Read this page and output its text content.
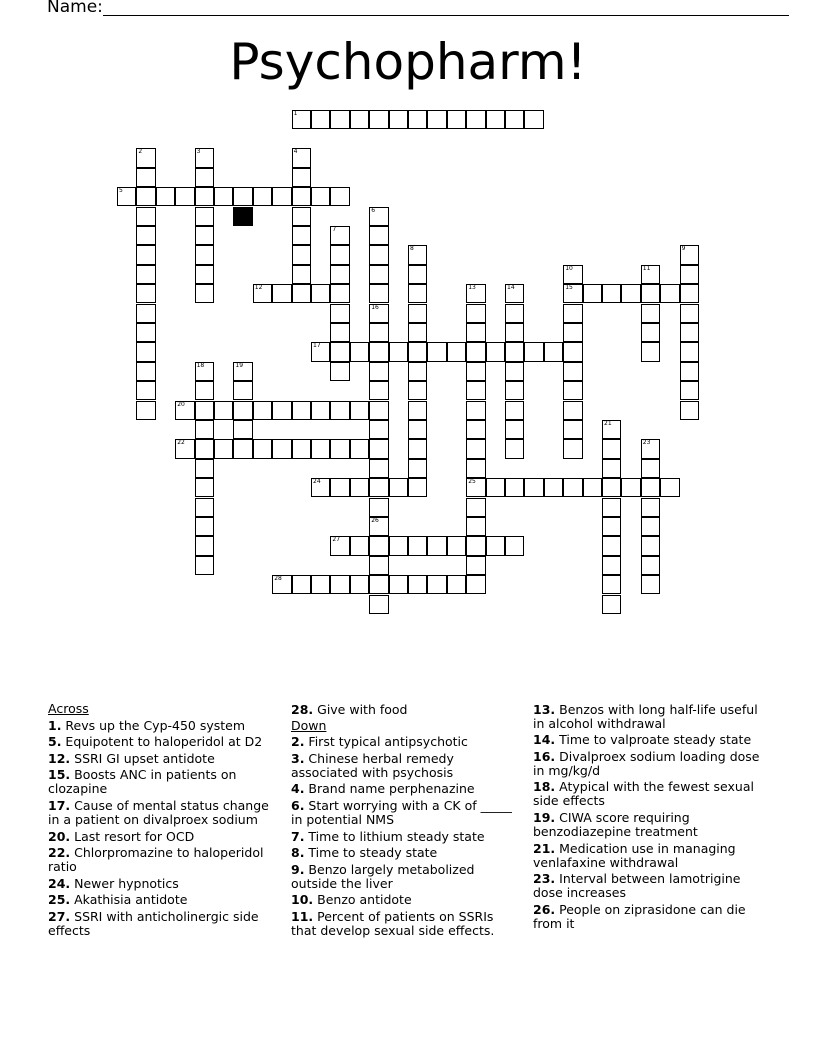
Name:
Psychopharm!
1
2	3	4
5
6
16
7
8	9
10
15
11
12	13
25
14
26
17
18	19
20
21
22	23
24
27
28
Across
1. Revs up the Cyp-450 system
5. Equipotent to haloperidol at D2
12. SSRI GI upset antidote
15. Boosts ANC in patients on clozapine
17. Cause of mental status change in a patient on divalproex sodium
20. Last resort for OCD
22. Chlorpromazine to haloperidol ratio
24. Newer hypnotics
25. Akathisia antidote
27. SSRI with anticholinergic side effects
28. Give with food
Down
2. First typical antipsychotic
3. Chinese herbal remedy associated with psychosis
4. Brand name perphenazine
6. Start worrying with a CK of _____ in potential NMS
7. Time to lithium steady state
8. Time to steady state
9. Benzo largely metabolized outside the liver
10. Benzo antidote
11. Percent of patients on SSRIs that develop sexual side effects.
13. Benzos with long half-life useful in alcohol withdrawal
14. Time to valproate steady state
16. Divalproex sodium loading dose in mg/kg/d
18. Atypical with the fewest sexual side effects
19. CIWA score requiring benzodiazepine treatment
21. Medication use in managing venlafaxine withdrawal
23. Interval between lamotrigine dose increases
26. People on ziprasidone can die from it
